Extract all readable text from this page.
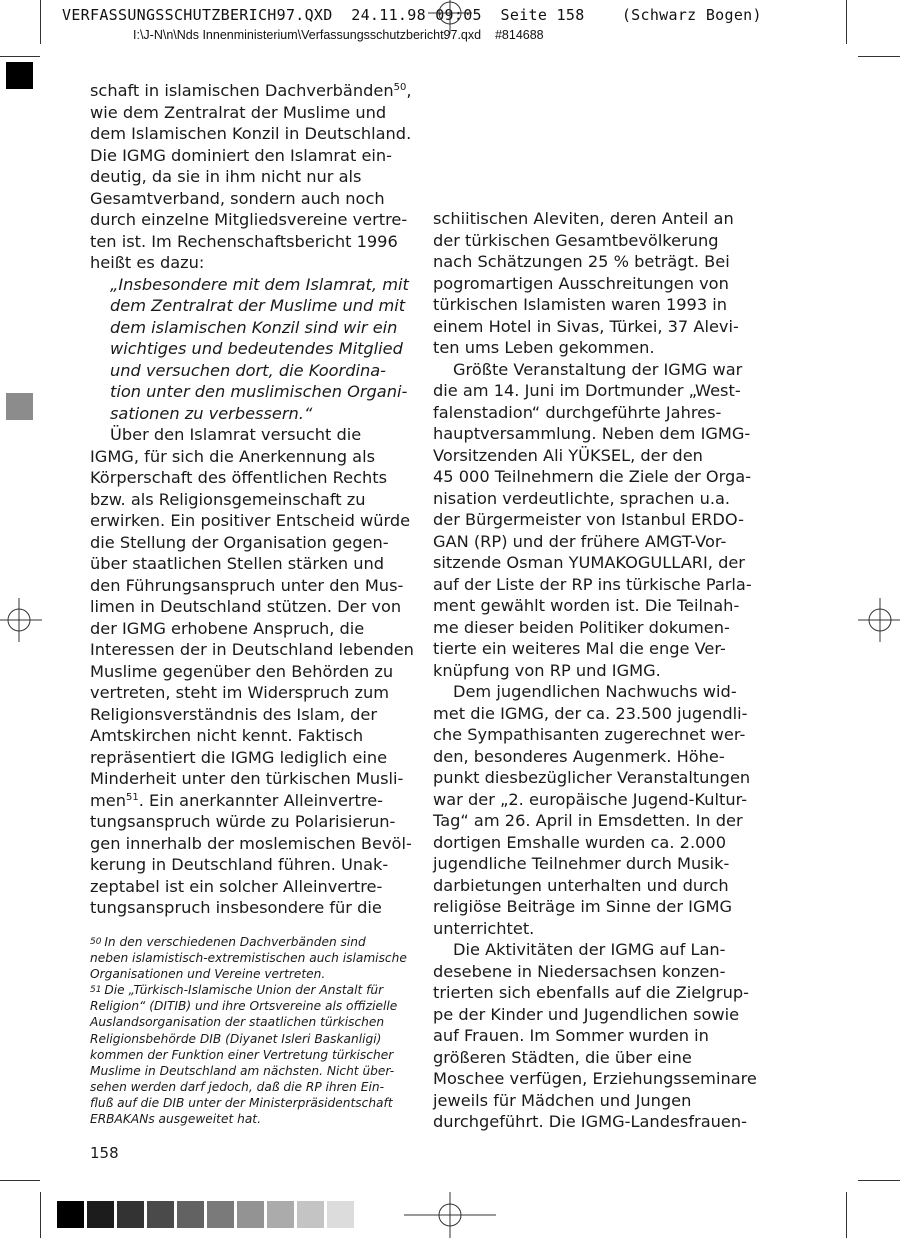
VERFASSUNGSSCHUTZBERICH97.QXD  24.11.98 09:05  Seite 158    (Schwarz Bogen)
I:\J-N\n\Nds Innenministerium\Verfassungsschutzbericht97.qxd    #814688
schaft in islamischen Dachverbänden$^{50}$,
wie dem Zentralrat der Muslime und
dem Islamischen Konzil in Deutschland.
Die IGMG dominiert den Islamrat ein-
deutig, da sie in ihm nicht nur als
Gesamtverband, sondern auch noch
durch einzelne Mitgliedsvereine vertre-
ten ist. Im Rechenschaftsbericht 1996
heißt es dazu:
„Insbesondere mit dem Islamrat, mit
dem Zentralrat der Muslime und mit
dem islamischen Konzil sind wir ein
wichtiges und bedeutendes Mitglied
und versuchen dort, die Koordina-
tion unter den muslimischen Organi-
sationen zu verbessern.“
Über den Islamrat versucht die
IGMG, für sich die Anerkennung als
Körperschaft des öffentlichen Rechts
bzw. als Religionsgemeinschaft zu
erwirken. Ein positiver Entscheid würde
die Stellung der Organisation gegen-
über staatlichen Stellen stärken und
den Führungsanspruch unter den Mus-
limen in Deutschland stützen. Der von
der IGMG erhobene Anspruch, die
Interessen der in Deutschland lebenden
Muslime gegenüber den Behörden zu
vertreten, steht im Widerspruch zum
Religionsverständnis des Islam, der
Amtskirchen nicht kennt. Faktisch
repräsentiert die IGMG lediglich eine
Minderheit unter den türkischen Musli-
men$^{51}$. Ein anerkannter Alleinvertre-
tungsanspruch würde zu Polarisierun-
gen innerhalb der moslemischen Bevöl-
kerung in Deutschland führen. Unak-
zeptabel ist ein solcher Alleinvertre-
tungsanspruch insbesondere für die
schiitischen Aleviten, deren Anteil an
der türkischen Gesamtbevölkerung
nach Schätzungen 25 % beträgt. Bei
pogromartigen Ausschreitungen von
türkischen Islamisten waren 1993 in
einem Hotel in Sivas, Türkei, 37 Alevi-
ten ums Leben gekommen.
Größte Veranstaltung der IGMG war
die am 14. Juni im Dortmunder „West-
falenstadion“ durchgeführte Jahres-
hauptversammlung. Neben dem IGMG-
Vorsitzenden Ali YÜKSEL, der den
45 000 Teilnehmern die Ziele der Orga-
nisation verdeutlichte, sprachen u.a.
der Bürgermeister von Istanbul ERDO-
GAN (RP) und der frühere AMGT-Vor-
sitzende Osman YUMAKOGULLARI, der
auf der Liste der RP ins türkische Parla-
ment gewählt worden ist. Die Teilnah-
me dieser beiden Politiker dokumen-
tierte ein weiteres Mal die enge Ver-
knüpfung von RP und IGMG.
Dem jugendlichen Nachwuchs wid-
met die IGMG, der ca. 23.500 jugendli-
che Sympathisanten zugerechnet wer-
den, besonderes Augenmerk. Höhe-
punkt diesbezüglicher Veranstaltungen
war der „2. europäische Jugend-Kultur-
Tag“ am 26. April in Emsdetten. In der
dortigen Emshalle wurden ca. 2.000
jugendliche Teilnehmer durch Musik-
darbietungen unterhalten und durch
religiöse Beiträge im Sinne der IGMG
unterrichtet.
Die Aktivitäten der IGMG auf Lan-
desebene in Niedersachsen konzen-
trierten sich ebenfalls auf die Zielgrup-
pe der Kinder und Jugendlichen sowie
auf Frauen. Im Sommer wurden in
größeren Städten, die über eine
Moschee verfügen, Erziehungsseminare
jeweils für Mädchen und Jungen
durchgeführt. Die IGMG-Landesfrauen-
50 In den verschiedenen Dachverbänden sind
neben islamistisch-extremistischen auch islamische
Organisationen und Vereine vertreten.
51 Die „Türkisch-Islamische Union der Anstalt für
Religion“ (DITIB) und ihre Ortsvereine als offizielle
Auslandsorganisation der staatlichen türkischen
Religionsbehörde DIB (Diyanet Isleri Baskanligi)
kommen der Funktion einer Vertretung türkischer
Muslime in Deutschland am nächsten. Nicht über-
sehen werden darf jedoch, daß die RP ihren Ein-
fluß auf die DIB unter der Ministerpräsidentschaft
ERBAKANs ausgeweitet hat.
158
